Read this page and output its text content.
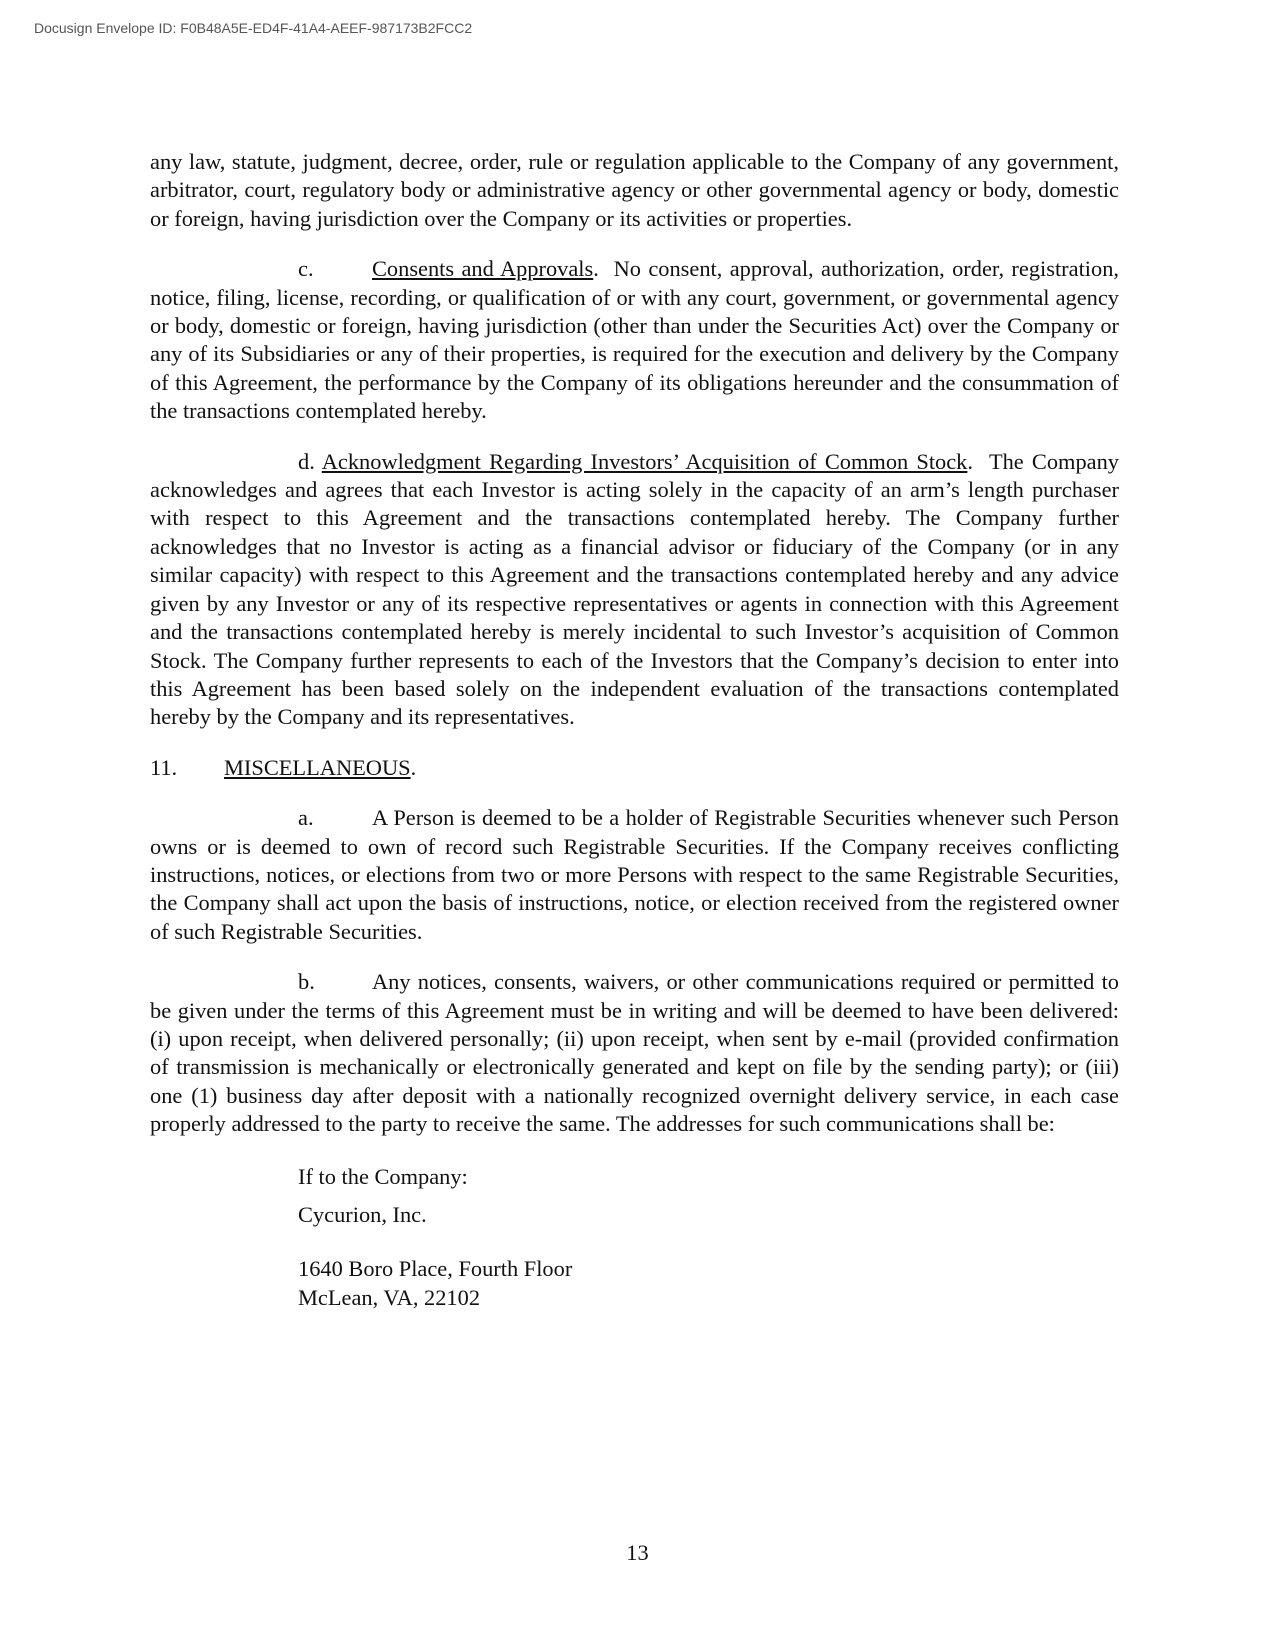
Docusign Envelope ID: F0B48A5E-ED4F-41A4-AEEF-987173B2FCC2

any law, statute, judgment, decree, order, rule or regulation applicable to the Company of any government, arbitrator, court, regulatory body or administrative agency or other governmental agency or body, domestic or foreign, having jurisdiction over the Company or its activities or properties.

c.	Consents and Approvals.  No consent, approval, authorization, order, registration, notice, filing, license, recording, or qualification of or with any court, government, or governmental agency or body, domestic or foreign, having jurisdiction (other than under the Securities Act) over the Company or any of its Subsidiaries or any of their properties, is required for the execution and delivery by the Company of this Agreement, the performance by the Company of its obligations hereunder and the consummation of the transactions contemplated hereby.

d. Acknowledgment Regarding Investors’ Acquisition of Common Stock.  The Company acknowledges and agrees that each Investor is acting solely in the capacity of an arm’s length purchaser with respect to this Agreement and the transactions contemplated hereby. The Company further acknowledges that no Investor is acting as a financial advisor or fiduciary of the Company (or in any similar capacity) with respect to this Agreement and the transactions contemplated hereby and any advice given by any Investor or any of its respective representatives or agents in connection with this Agreement and the transactions contemplated hereby is merely incidental to such Investor’s acquisition of Common Stock. The Company further represents to each of the Investors that the Company’s decision to enter into this Agreement has been based solely on the independent evaluation of the transactions contemplated hereby by the Company and its representatives.

11.	MISCELLANEOUS.

a.	A Person is deemed to be a holder of Registrable Securities whenever such Person owns or is deemed to own of record such Registrable Securities. If the Company receives conflicting instructions, notices, or elections from two or more Persons with respect to the same Registrable Securities, the Company shall act upon the basis of instructions, notice, or election received from the registered owner of such Registrable Securities.

b.	Any notices, consents, waivers, or other communications required or permitted to be given under the terms of this Agreement must be in writing and will be deemed to have been delivered: (i) upon receipt, when delivered personally; (ii) upon receipt, when sent by e-mail (provided confirmation of transmission is mechanically or electronically generated and kept on file by the sending party); or (iii) one (1) business day after deposit with a nationally recognized overnight delivery service, in each case properly addressed to the party to receive the same. The addresses for such communications shall be:

If to the Company:
Cycurion, Inc.
1640 Boro Place, Fourth Floor
McLean, VA, 22102
13
